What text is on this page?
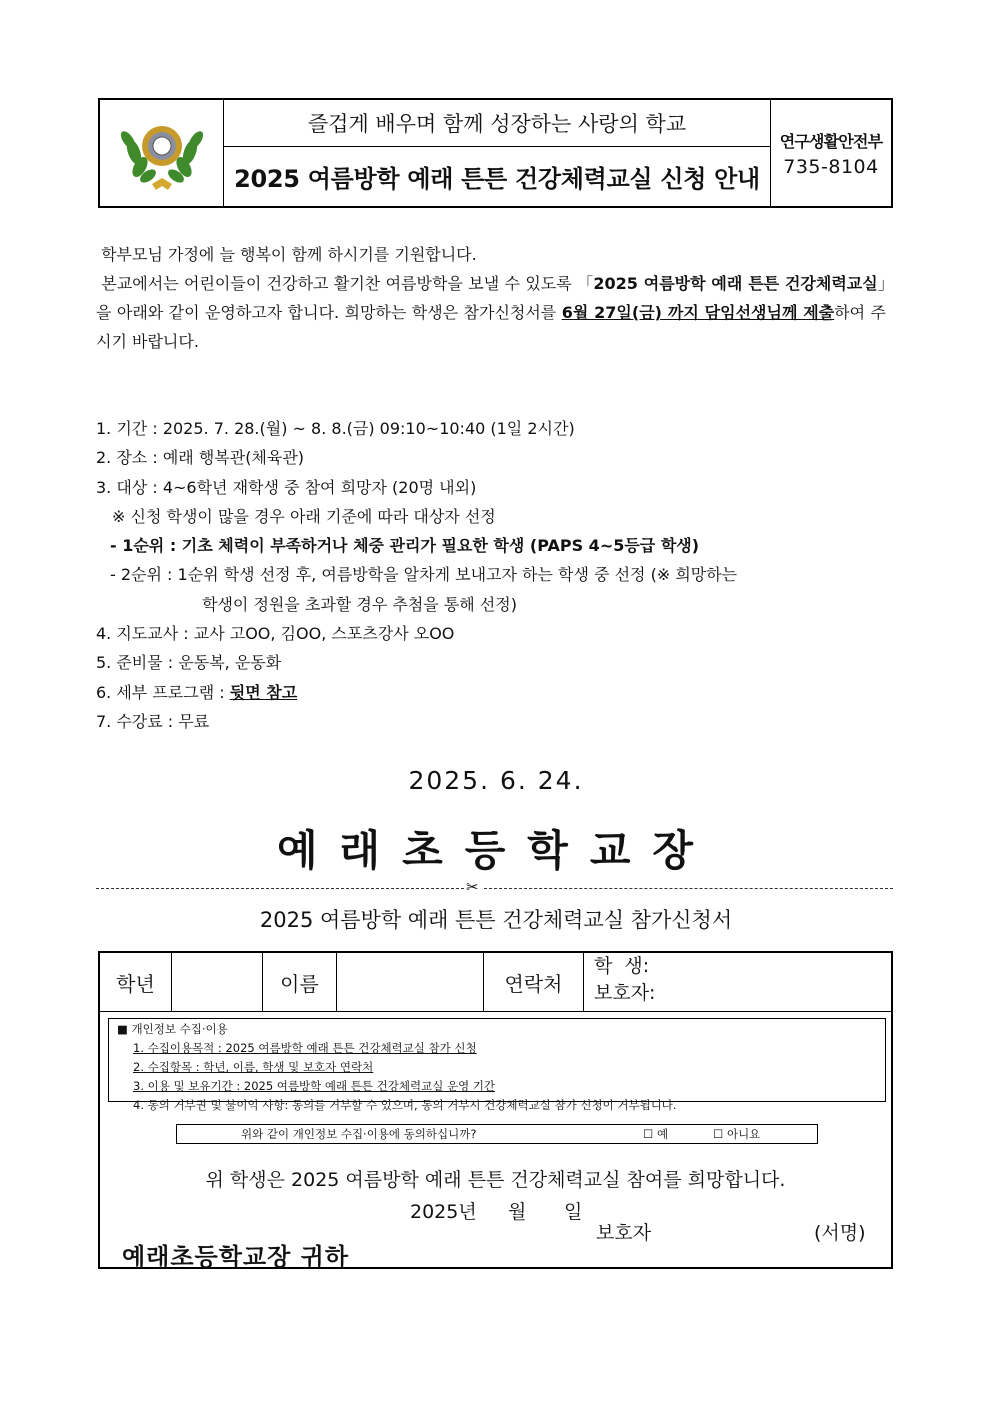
즐겁게 배우며 함께 성장하는 사랑의 학교
2025 여름방학 예래 튼튼 건강체력교실 신청 안내
연구생활안전부
735-8104

학부모님 가정에 늘 행복이 함께 하시기를 기원합니다.

본교에서는 어린이들이 건강하고 활기찬 여름방학을 보낼 수 있도록 「2025 여름방학 예래 튼튼 건강체력교실」을 아래와 같이 운영하고자 합니다. 희망하는 학생은 참가신청서를 6월 27일(금) 까지 담임선생님께 제출하여 주시기 바랍니다.

1. 기간 : 2025. 7. 28.(월) ~ 8. 8.(금) 09:10~10:40 (1일 2시간)
2. 장소 : 예래 행복관(체육관)
3. 대상 : 4~6학년 재학생 중 참여 희망자 (20명 내외)
※ 신청 학생이 많을 경우 아래 기준에 따라 대상자 선정
- 1순위 : 기초 체력이 부족하거나 체중 관리가 필요한 학생 (PAPS 4~5등급 학생)
- 2순위 : 1순위 학생 선정 후, 여름방학을 알차게 보내고자 하는 학생 중 선정 (※ 희망하는
학생이 정원을 초과할 경우 추첨을 통해 선정)
4. 지도교사 : 교사 고OO, 김OO, 스포츠강사 오OO
5. 준비물 : 운동복, 운동화
6. 세부 프로그램 : 뒷면 참고
7. 수강료 : 무료
2025. 6. 24.
예래초등학교장
✂
2025 여름방학 예래 튼튼 건강체력교실 참가신청서
학년	이름	연락처
학  생:
보호자:
■ 개인정보 수집·이용
1. 수집이용목적 : 2025 여름방학 예래 튼튼 건강체력교실 참가 신청
2. 수집항목 : 학년, 이름, 학생 및 보호자 연락처
3. 이용 및 보유기간 : 2025 여름방학 예래 튼튼 건강체력교실 운영 기간
4. 동의 거부권 및 불이익 사항: 동의를 거부할 수 있으며, 동의 거부시 건강체력교실 참가 신청이 거부됩니다.
위와 같이 개인정보 수집·이용에 동의하십니까?	☐ 예	☐ 아니요
위 학생은 2025 여름방학 예래 튼튼 건강체력교실 참여를 희망합니다.
2025년 월 일
보호자	(서명)
예래초등학교장 귀하
